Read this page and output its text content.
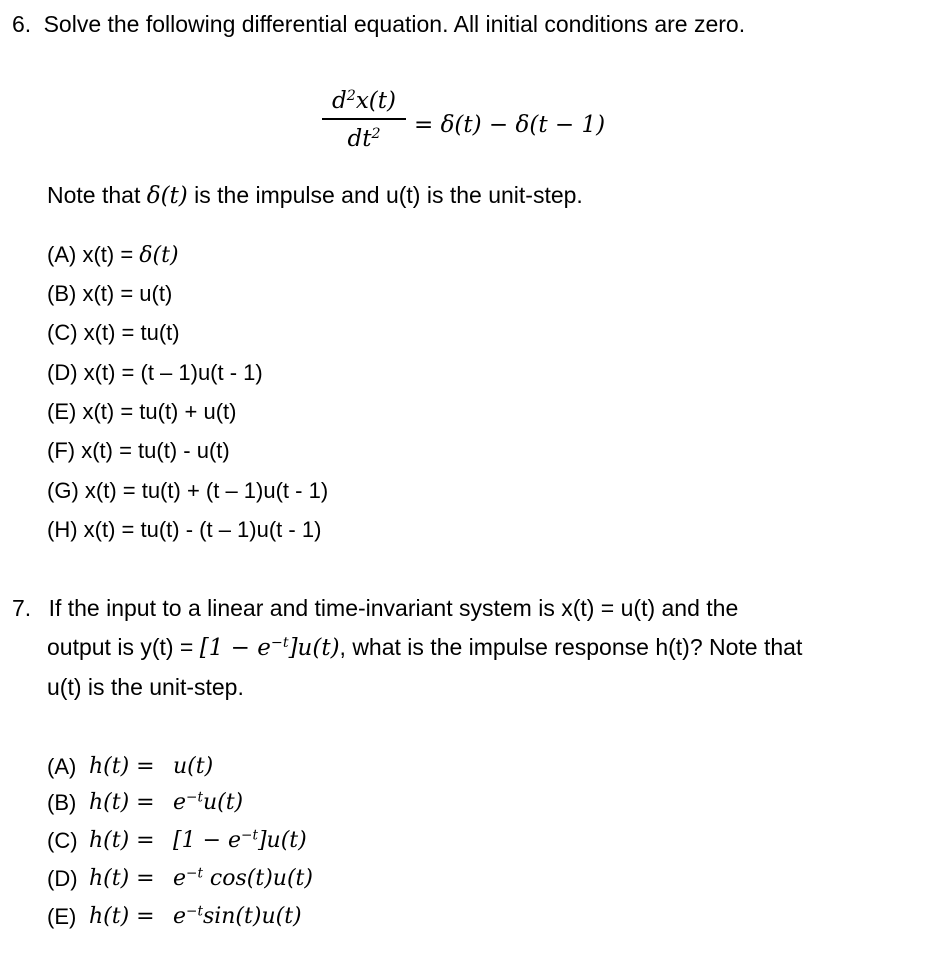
6. Solve the following differential equation. All initial conditions are zero.
$d^2x(t)$
$dt^2$	= δ(t) − δ(t − 1)
Note that δ(t) is the impulse and u(t) is the unit-step.
(A) x(t) = δ(t)
(B) x(t) = u(t)
(C) x(t) = tu(t)
(D) x(t) = (t – 1)u(t - 1)
(E) x(t) = tu(t) + u(t)
(F) x(t) = tu(t) - u(t)
(G) x(t) = tu(t) + (t – 1)u(t - 1)
(H) x(t) = tu(t) - (t – 1)u(t - 1)
7. If the input to a linear and time-invariant system is x(t) = u(t) and the
output is $y(t) = [1 - e^{-t}]u(t)$, what is the impulse response h(t)? Note that
u(t) is the unit-step.
(A) h(t) = u(t)
(B) $h(t) = e^{-t}u(t)$
(C) $h(t) = [1 - e^{-t}]u(t)$
(D) $h(t) = e^{-t}$ cos(t)u(t)
(E) $h(t) = e^{-t}\sin(t)u(t)$
